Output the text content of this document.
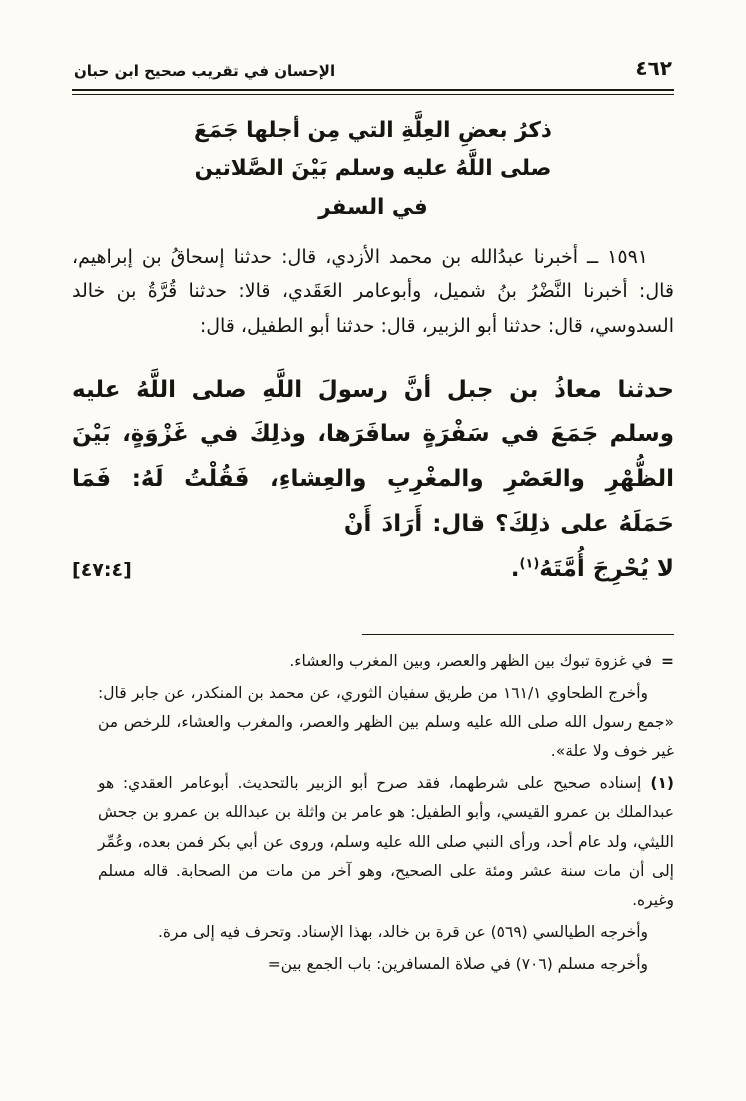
٤٦٢
الإحسان في تقريب صحيح ابن حبان
ذكرُ بعضِ العِلَّةِ التي مِن أجلها جَمَعَ
صلى اللَّهُ عليه وسلم بَيْنَ الصَّلاتين
في السفر

١٥٩١ ــ أخبرنا عبدُالله بن محمد الأزدي، قال: حدثنا إسحاقُ بن إبراهيم، قال: أخبرنا النَّضْرُ بنُ شميل، وأبوعامر العَقَدي، قالا: حدثنا قُرَّةُ بن خالد السدوسي، قال: حدثنا أبو الزبير، قال: حدثنا أبو الطفيل، قال:

حدثنا معاذُ بن جبل أنَّ رسولَ اللَّهِ صلى اللَّهُ عليه وسلم جَمَعَ في سَفْرَةٍ سافَرَها، وذلِكَ في غَزْوَةٍ، بَيْنَ الظُّهْرِ والعَصْرِ والمغْرِبِ والعِشاءِ، فَقُلْتُ لَهُ: فَمَا حَمَلَهُ على ذلِكَ؟ قال: أَرَادَ أَنْ

لا يُحْرِجَ أُمَّتَهُ$^{(١)}$.
[٤٧:٤]

=في غزوة تبوك بين الظهر والعصر، وبين المغرب والعشاء.

وأخرج الطحاوي ١٦١/١ من طريق سفيان الثوري، عن محمد بن المنكدر، عن جابر قال: «جمع رسول الله صلى الله عليه وسلم بين الظهر والعصر، والمغرب والعشاء، للرخص من غير خوف ولا علة».

(١)إسناده صحيح على شرطهما، فقد صرح أبو الزبير بالتحديث. أبوعامر العقدي: هو عبدالملك بن عمرو القيسي، وأبو الطفيل: هو عامر بن واثلة بن عبدالله بن عمرو بن جحش الليثي، ولد عام أحد، ورأى النبي صلى الله عليه وسلم، وروى عن أبي بكر فمن بعده، وعُمِّر إلى أن مات سنة عشر ومئة على الصحيح، وهو آخر من مات من الصحابة. قاله مسلم وغيره.

وأخرجه الطيالسي (٥٦٩) عن قرة بن خالد، بهذا الإسناد. وتحرف فيه إلى مرة.

وأخرجه مسلم (٧٠٦) في صلاة المسافرين: باب الجمع بين=
